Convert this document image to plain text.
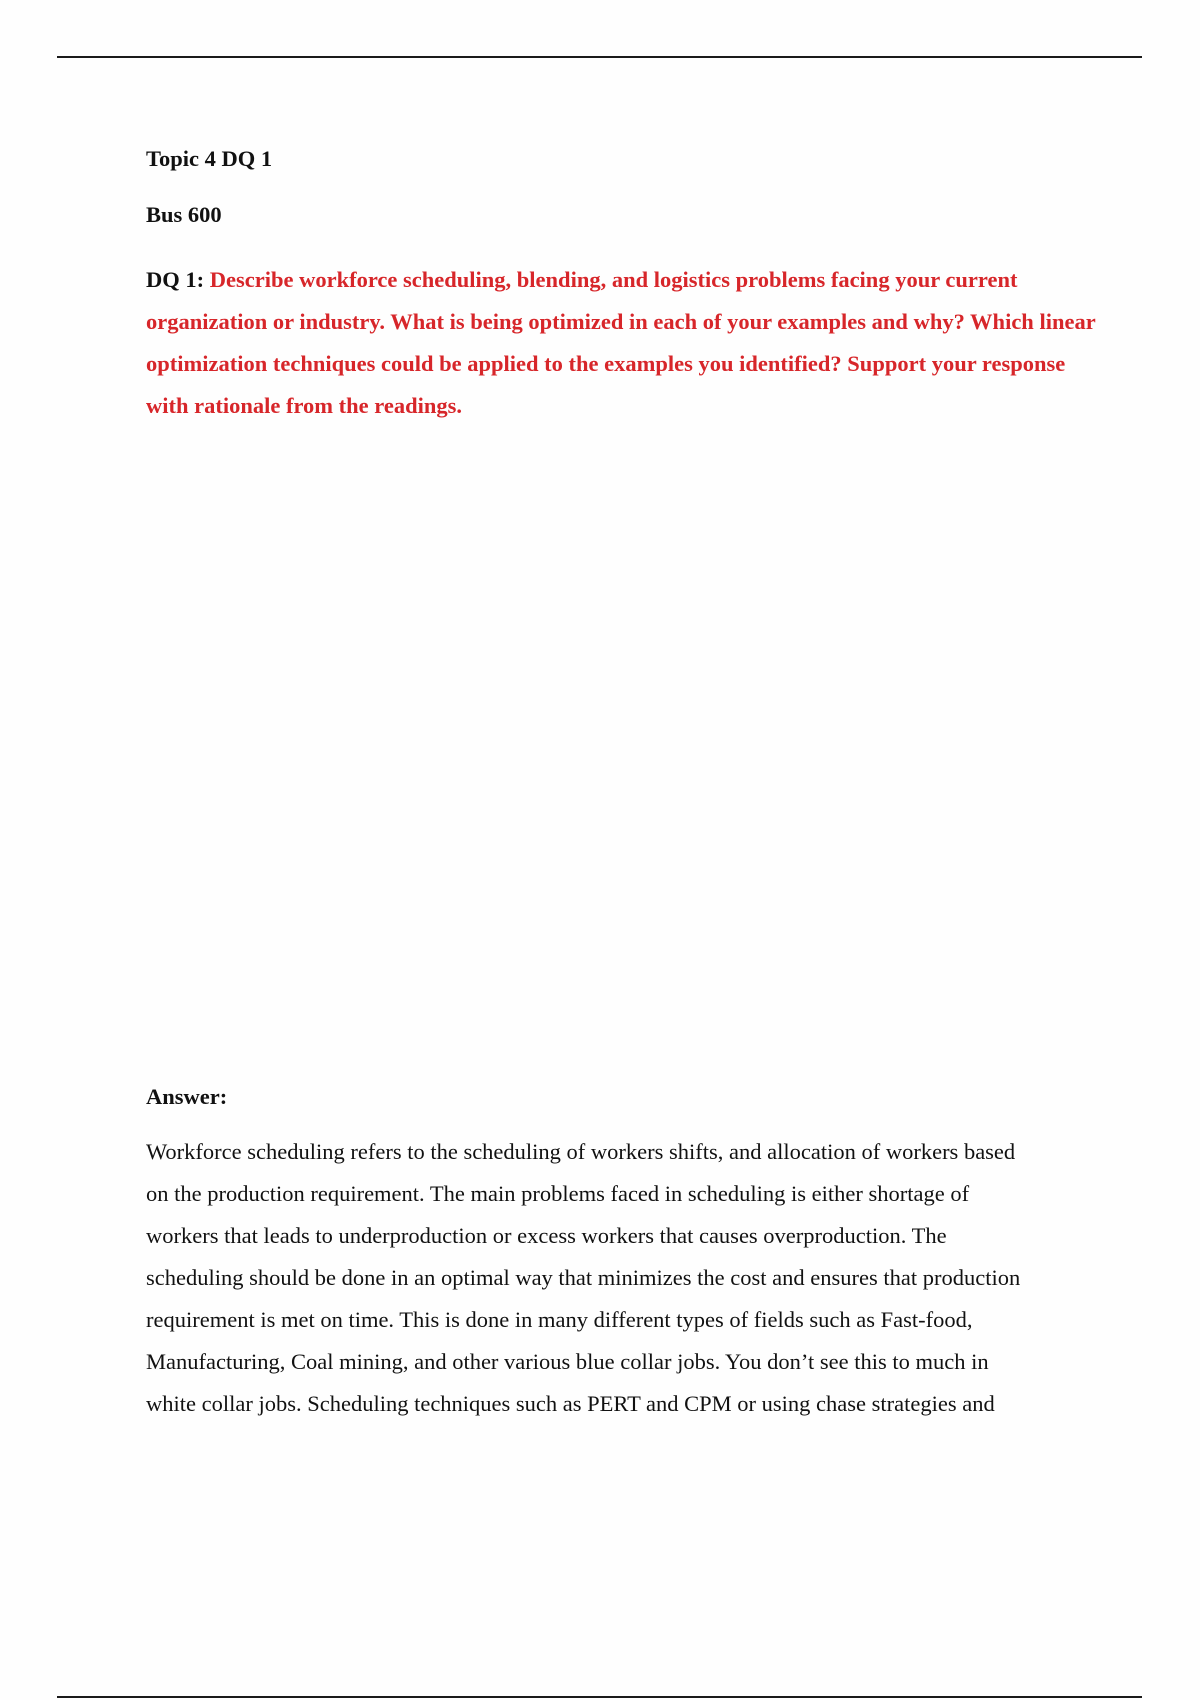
Topic 4 DQ 1
Bus 600
DQ 1: Describe workforce scheduling, blending, and logistics problems facing your current organization or industry. What is being optimized in each of your examples and why? Which linear optimization techniques could be applied to the examples you identified? Support your response with rationale from the readings.
Answer:
Workforce scheduling refers to the scheduling of workers shifts, and allocation of workers based
on the production requirement. The main problems faced in scheduling is either shortage of
workers that leads to underproduction or excess workers that causes overproduction. The
scheduling should be done in an optimal way that minimizes the cost and ensures that production
requirement is met on time. This is done in many different types of fields such as Fast-food,
Manufacturing, Coal mining, and other various blue collar jobs. You don’t see this to much in
white collar jobs. Scheduling techniques such as PERT and CPM or using chase strategies and
